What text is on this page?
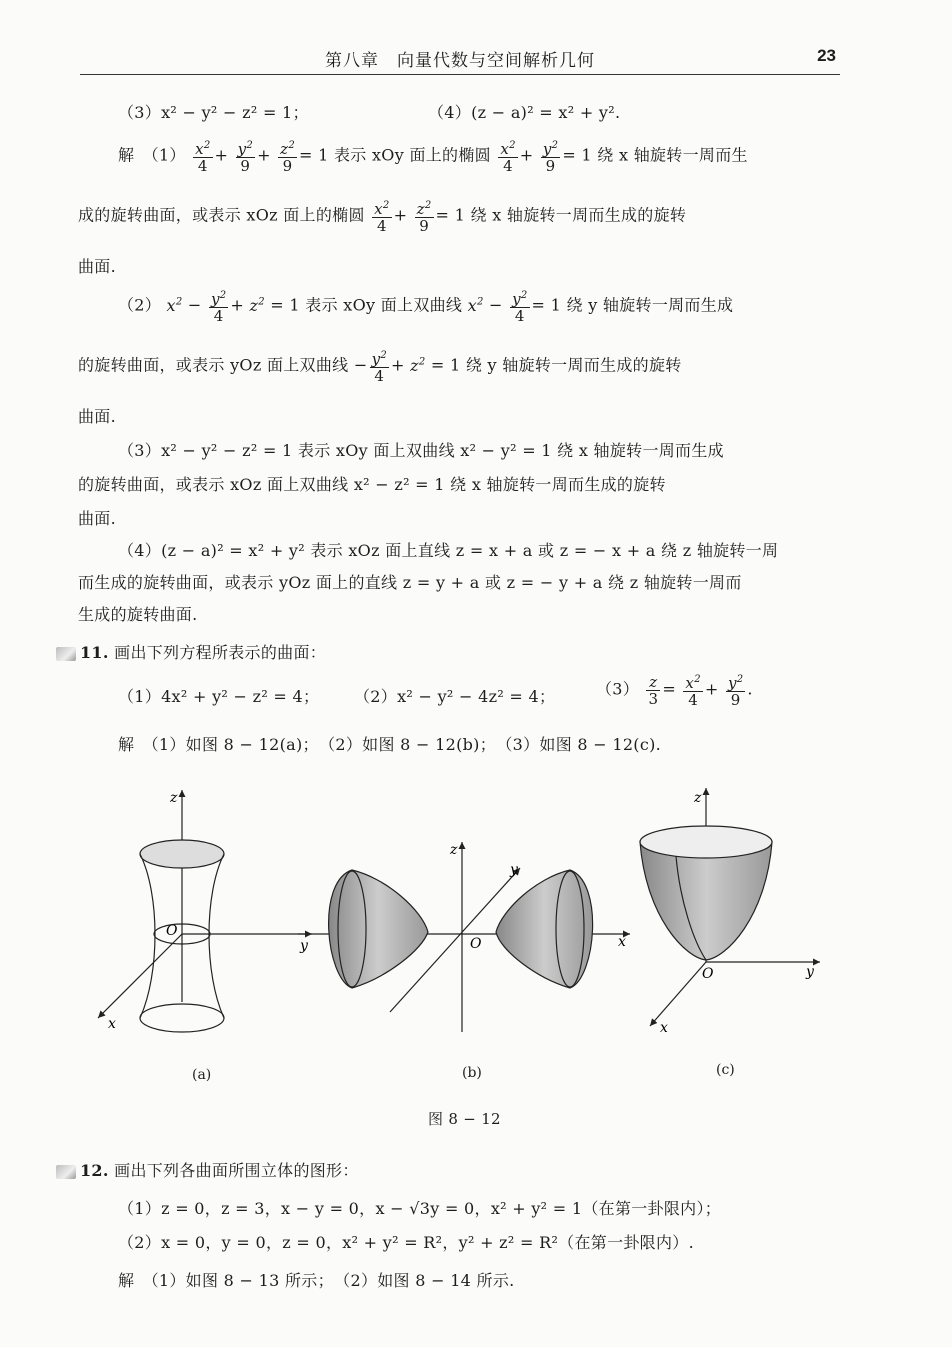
第八章　向量代数与空间解析几何	23
（3）x² − y² − z² = 1；	（4）(z − a)² = x² + y².
解　$(1) \frac{x^2}{4} + \frac{y^2}{9} + \frac{z^2}{9} = 1$ 表示 xOy 面上的椭圆 $\frac{x^2}{4} + \frac{y^2}{9} = 1$ 绕 x 轴旋转一周而生
成的旋转曲面，或表示 xOz 面上的椭圆 $\frac{x^2}{4} + \frac{z^2}{9} = 1$ 绕 x 轴旋转一周而生成的旋转
曲面.
（2） $x^2 - \frac{y^2}{4} + z^2 = 1$ 表示 xOy 面上双曲线 $x^2 - \frac{y^2}{4} = 1$ 绕 y 轴旋转一周而生成
的旋转曲面，或表示 yOz 面上双曲线 − $\frac{y^2}{4} + z^2 = 1$ 绕 y 轴旋转一周而生成的旋转
曲面.
（3）x² − y² − z² = 1 表示 xOy 面上双曲线 x² − y² = 1 绕 x 轴旋转一周而生成
的旋转曲面，或表示 xOz 面上双曲线 x² − z² = 1 绕 x 轴旋转一周而生成的旋转
曲面.
（4）(z − a)² = x² + y² 表示 xOz 面上直线 z = x + a 或 z = − x + a 绕 z 轴旋转一周
而生成的旋转曲面，或表示 yOz 面上的直线 z = y + a 或 z = − y + a 绕 z 轴旋转一周而
生成的旋转曲面.
11. 画出下列方程所表示的曲面：
（1）4x² + y² − z² = 4； （2）x² − y² − 4z² = 4；	$(3) \frac{z}{3} = \frac{x^2}{4} + \frac{y^2}{9}$ .
解　（1）如图 8 − 12(a)；　（2）如图 8 − 12(b)；　（3）如图 8 − 12(c).
z
O
y
x
z
y
O	x
z
O	y
x
(a)	(b)	(c)
图 8 − 12
12. 画出下列各曲面所围立体的图形：
（1）z = 0，z = 3，x − y = 0，x − √3y = 0，x² + y² = 1（在第一卦限内）；
（2）x = 0，y = 0，z = 0，x² + y² = R²，y² + z² = R²（在第一卦限内）.
解　（1）如图 8 − 13 所示；　（2）如图 8 − 14 所示.
